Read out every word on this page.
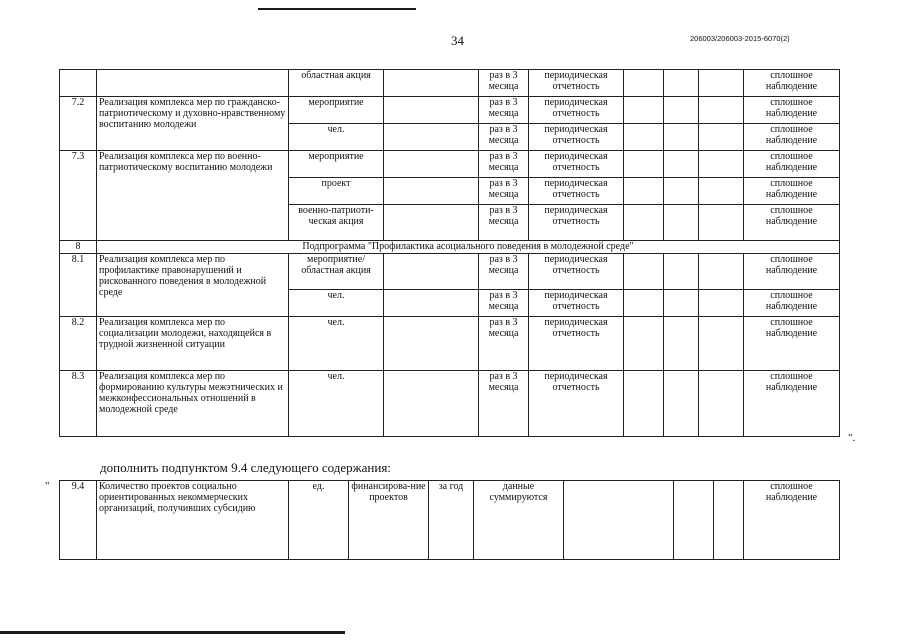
34	206003/206003-2015-6070(2)
		областная акция		раз в 3 месяца	периодическая отчетность				сплошное наблюдение
7.2	Реализация комплекса мер по гражданско-патриотическому и духовно-нравственному воспитанию молодежи	мероприятие		раз в 3 месяца	периодическая отчетность				сплошное наблюдение
		чел.		раз в 3 месяца	периодическая отчетность				сплошное наблюдение
7.3	Реализация комплекса мер по военно-патриотическому воспитанию молодежи	мероприятие		раз в 3 месяца	периодическая отчетность				сплошное наблюдение
		проект		раз в 3 месяца	периодическая отчетность				сплошное наблюдение
		военно-патриоти-ческая акция		раз в 3 месяца	периодическая отчетность				сплошное наблюдение
8	Подпрограмма "Профилактика асоциального поведения в молодежной среде"								
8.1	Реализация комплекса мер по профилактике правонарушений и рискованного поведения в молодежной среде	мероприятие/ областная акция		раз в 3 месяца	периодическая отчетность				сплошное наблюдение
		чел.		раз в 3 месяца	периодическая отчетность				сплошное наблюдение
8.2	Реализация комплекса мер по социализации молодежи, находящейся в трудной жизненной ситуации	чел.		раз в 3 месяца	периодическая отчетность				сплошное наблюдение
8.3	Реализация комплекса мер по формированию культуры межэтнических и межконфессиональных отношений в молодежной среде	чел.		раз в 3 месяца	периодическая отчетность				сплошное наблюдение
".
дополнить подпунктом 9.4 следующего содержания:
" 9.4	Количество проектов социально ориентированных некоммерческих организаций, получивших субсидию	ед.	финансирова-ние проектов	за год	данные суммируются				сплошное наблюдение
